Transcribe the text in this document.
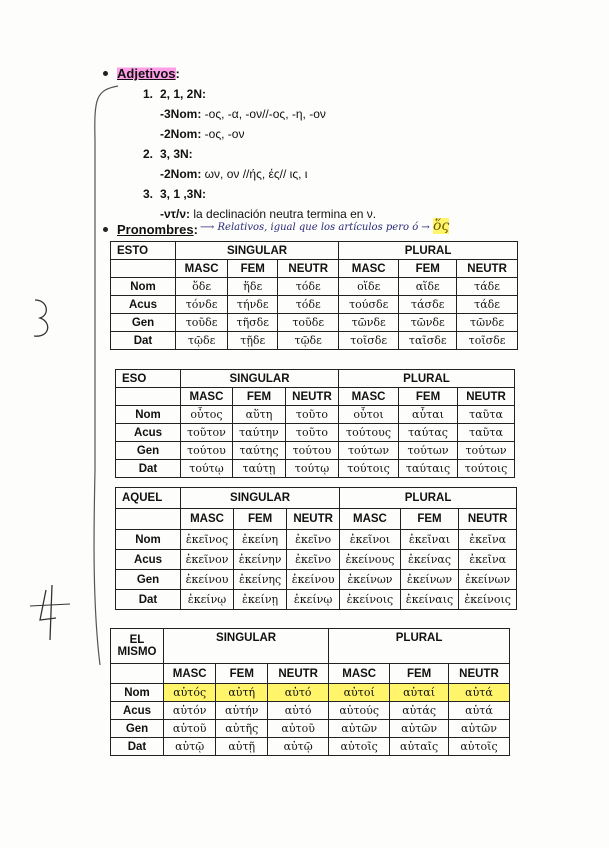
Adjetivos:
1. 2, 1, 2N:
-3Nom: -ος, -α, -ον//-ος, -η, -ον
-2Nom: -ος, -ον
2. 3, 3N:
-2Nom: ων, ον //ής, ές// ις, ι
3. 3, 1 ,3N:
-ντ/ν: la declinación neutra termina en ν.
Pronombres: ⟶ Relativos, igual que los artículos pero ó → ὅς
ESTO	SINGULAR			PLURAL		
	MASC	FEM	NEUTR	MASC	FEM	NEUTR
Nom	ὅδε	ἥδε	τόδε	οἵδε	αἵδε	τάδε
Acus	τόνδε	τήνδε	τόδε	τούσδε	τάσδε	τάδε
Gen	τοῦδε	τῆσδε	τοῦδε	τῶνδε	τῶνδε	τῶνδε
Dat	τῷδε	τῇδε	τῷδε	τοῖσδε	ταῖσδε	τοῖσδε
ESO	SINGULAR			PLURAL		
	MASC	FEM	NEUTR	MASC	FEM	NEUTR
Nom	οὗτος	αὕτη	τοῦτο	οὗτοι	αὗται	ταῦτα
Acus	τοῦτον	ταύτην	τοῦτο	τούτους	ταύτας	ταῦτα
Gen	τούτου	ταύτης	τούτου	τούτων	τούτων	τούτων
Dat	τούτῳ	ταύτῃ	τούτῳ	τούτοις	ταύταις	τούτοις
AQUEL	SINGULAR			PLURAL		
	MASC	FEM	NEUTR	MASC	FEM	NEUTR
Nom	ἐκεῖνος	ἐκείνη	ἐκεῖνο	ἐκεῖνοι	ἐκεῖναι	ἐκεῖνα
Acus	ἐκεῖνον	ἐκείνην	ἐκεῖνο	ἐκείνους	ἐκείνας	ἐκεῖνα
Gen	ἐκείνου	ἐκείνης	ἐκείνου	ἐκείνων	ἐκείνων	ἐκείνων
Dat	ἐκείνῳ	ἐκείνῃ	ἐκείνῳ	ἐκείνοις	ἐκείναις	ἐκείνοις
EL MISMO	SINGULAR			PLURAL		
	MASC	FEM	NEUTR	MASC	FEM	NEUTR
Nom	αὐτός	αὐτή	αὐτό	αὐτοί	αὐταί	αὐτά
Acus	αὐτόν	αὐτήν	αὐτό	αὐτούς	αὐτάς	αὐτά
Gen	αὐτοῦ	αὐτῆς	αὐτοῦ	αὐτῶν	αὐτῶν	αὐτῶν
Dat	αὐτῷ	αὐτῇ	αὐτῷ	αὐτοῖς	αὐταῖς	αὐτοῖς
